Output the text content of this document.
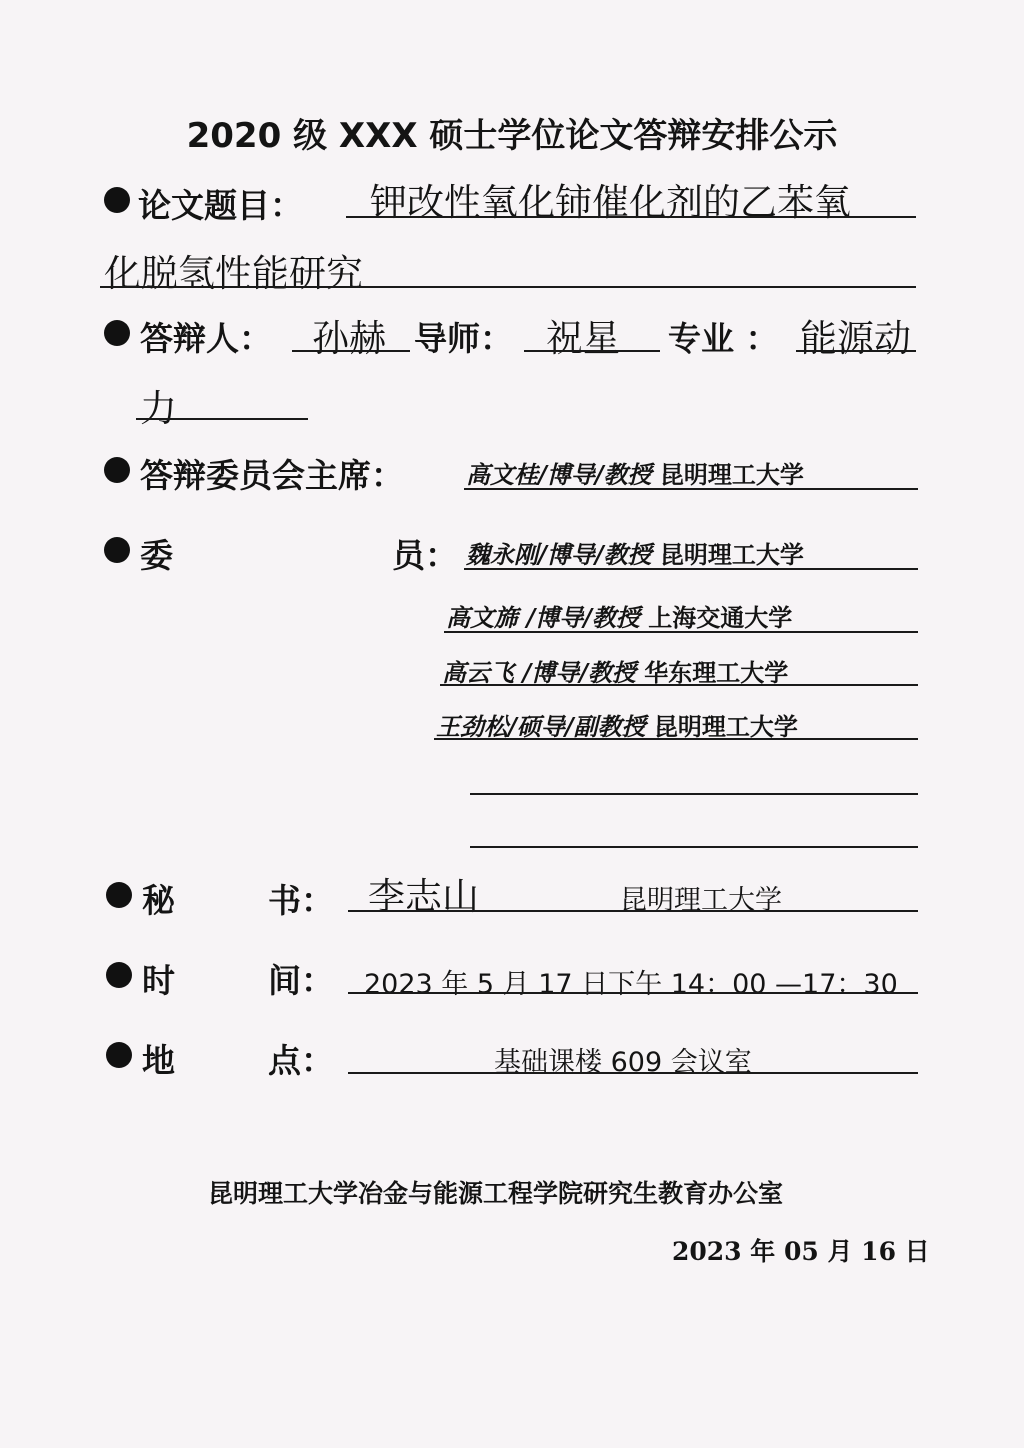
2020 级 XXX 硕士学位论文答辩安排公示
论文题目： 钾改性氧化铈催化剂的乙苯氧
化脱氢性能研究
答辩人： 孙赫 导师： 祝星 专业 ： 能源动
力
答辩委员会主席：	高文桂/博导/教授 昆明理工大学
委	员： 魏永刚/博导/教授 昆明理工大学
高文旆 /博导/教授 上海交通大学
高云飞 /博导/教授 华东理工大学
王劲松/硕导/副教授 昆明理工大学
秘	书： 李志山	昆明理工大学
时	间： 2023 年 5 月 17 日下午 14：00 —17：30
地	点：	基础课楼 609 会议室
昆明理工大学冶金与能源工程学院研究生教育办公室
2023 年 05 月 16 日
